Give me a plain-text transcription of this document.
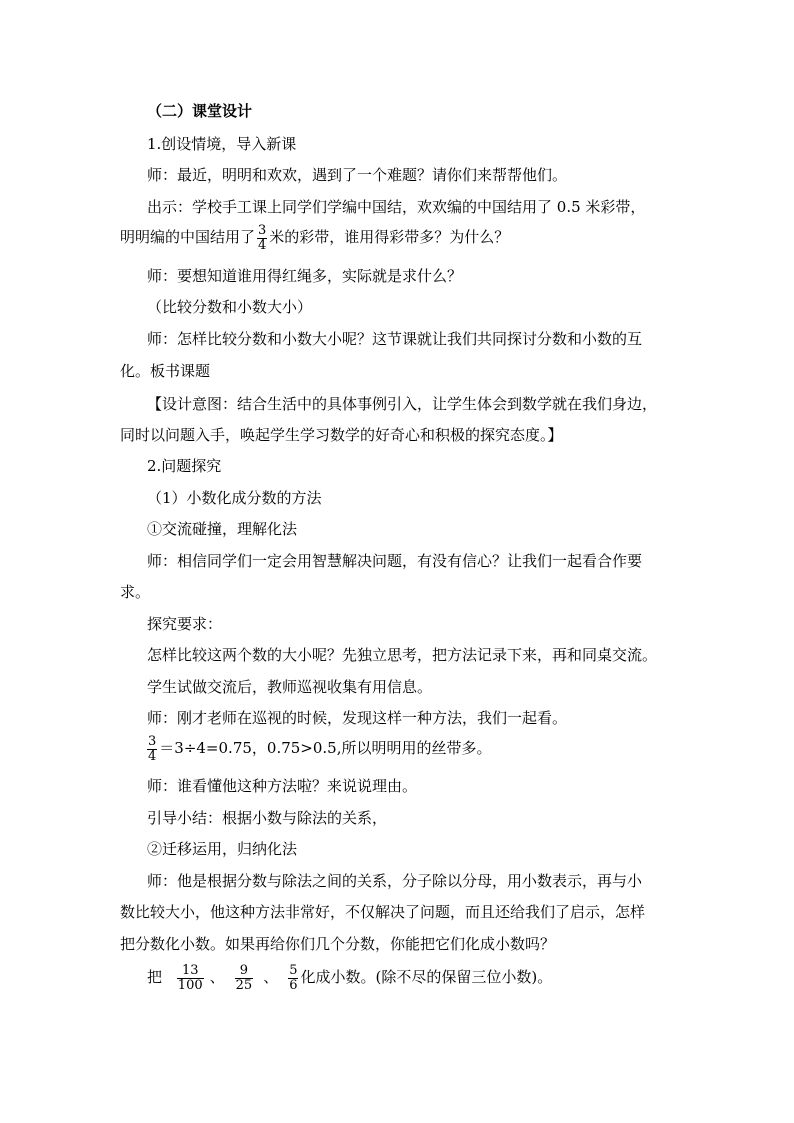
（二）课堂设计
1.创设情境，导入新课
师：最近，明明和欢欢，遇到了一个难题？请你们来帮帮他们。
出示：学校手工课上同学们学编中国结，欢欢编的中国结用了 0.5 米彩带，
明明编的中国结用了 $\frac{3}{4}$ 米的彩带，谁用得彩带多？为什么？
师：要想知道谁用得红绳多，实际就是求什么？
（比较分数和小数大小）
师：怎样比较分数和小数大小呢？这节课就让我们共同探讨分数和小数的互
化。板书课题
【设计意图：结合生活中的具体事例引入，让学生体会到数学就在我们身边，
同时以问题入手，唤起学生学习数学的好奇心和积极的探究态度。】
2.问题探究
（1）小数化成分数的方法
①交流碰撞，理解化法
师：相信同学们一定会用智慧解决问题，有没有信心？让我们一起看合作要
求。
探究要求：
怎样比较这两个数的大小呢？先独立思考，把方法记录下来，再和同桌交流。
学生试做交流后，教师巡视收集有用信息。
师：刚才老师在巡视的时候，发现这样一种方法，我们一起看。
$\frac{3}{4} =3\div 4=0.75$，0.75>0.5,所以明明用的丝带多。
师：谁看懂他这种方法啦？来说说理由。
引导小结：根据小数与除法的关系，
②迁移运用，归纳化法
师：他是根据分数与除法之间的关系，分子除以分母，用小数表示，再与小
数比较大小，他这种方法非常好，不仅解决了问题，而且还给我们了启示，怎样
把分数化小数。如果再给你们几个分数，你能把它们化成小数吗？
把 $\frac{13}{100}$ 、 $\frac{9}{25}$ 、 $\frac{5}{6}$ 化成小数。(除不尽的保留三位小数)。
